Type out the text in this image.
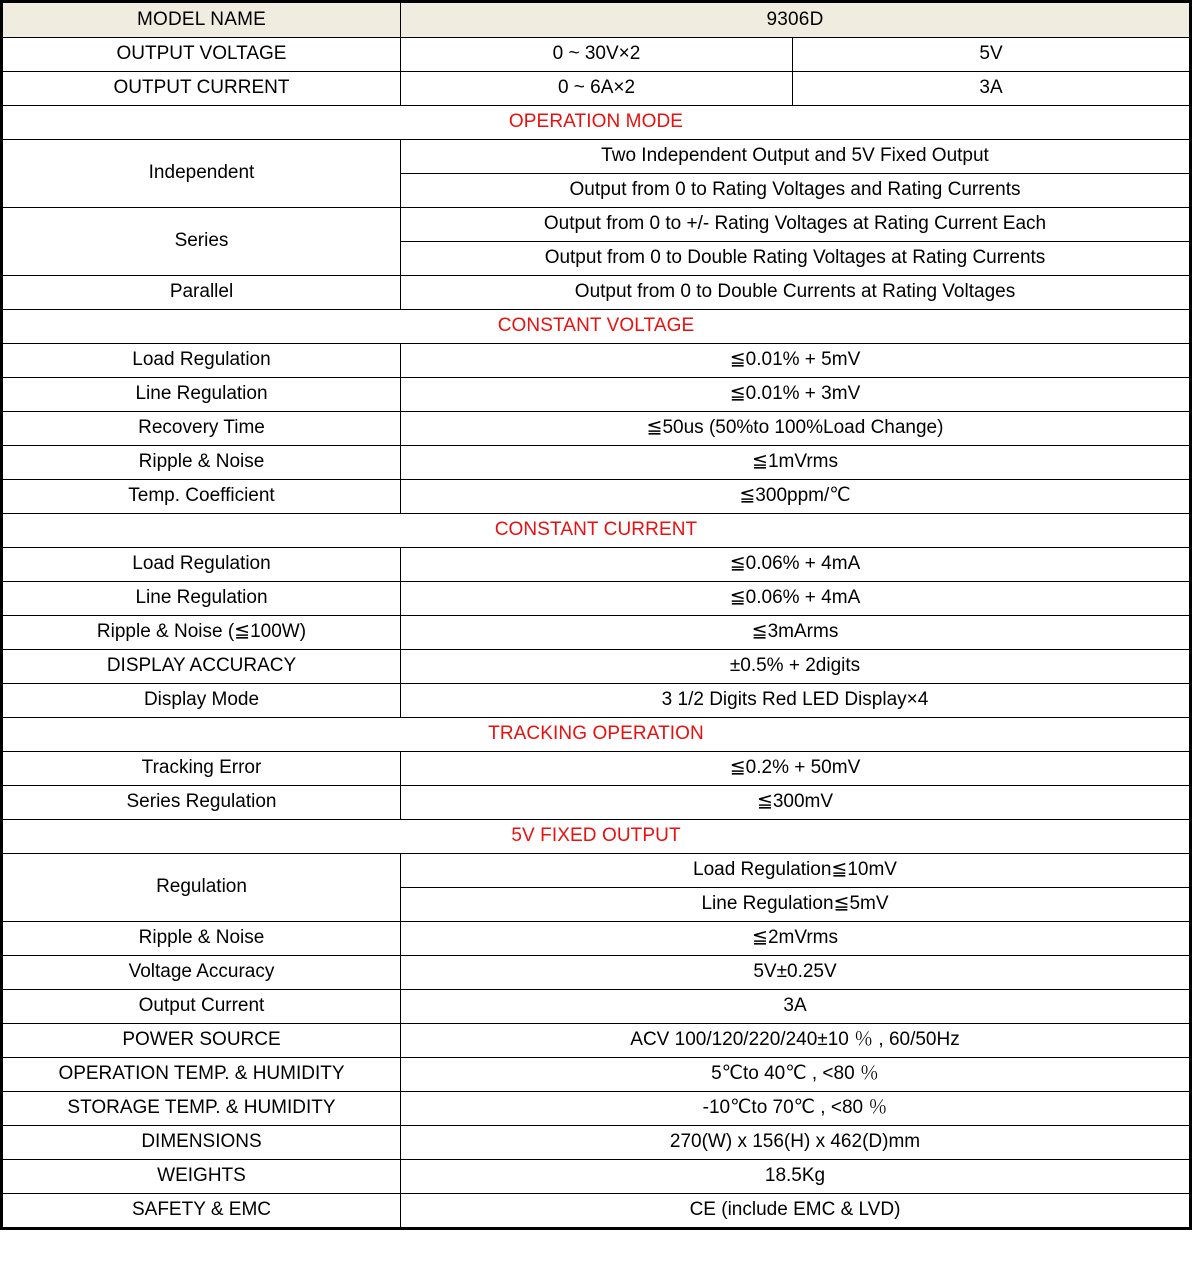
MODEL NAME	9306D	
OUTPUT VOLTAGE	0 ~ 30V×2	5V
OUTPUT CURRENT	0 ~ 6A×2	3A
OPERATION MODE		
Independent	Two Independent Output and 5V Fixed Output	
	Output from 0 to Rating Voltages and Rating Currents	
Series	Output from 0 to +/- Rating Voltages at Rating Current Each	
	Output from 0 to Double Rating Voltages at Rating Currents	
Parallel	Output from 0 to Double Currents at Rating Voltages	
CONSTANT VOLTAGE		
Load Regulation	≦0.01% + 5mV	
Line Regulation	≦0.01% + 3mV	
Recovery Time	≦50us (50%to 100%Load Change)	
Ripple & Noise	≦1mVrms	
Temp. Coefficient	≦300ppm/℃	
CONSTANT CURRENT		
Load Regulation	≦0.06% + 4mA	
Line Regulation	≦0.06% + 4mA	
Ripple & Noise (≦100W)	≦3mArms	
DISPLAY ACCURACY	±0.5% + 2digits	
Display Mode	3 1/2 Digits Red LED Display×4	
TRACKING OPERATION		
Tracking Error	≦0.2% + 50mV	
Series Regulation	≦300mV	
5V FIXED OUTPUT		
Regulation	Load Regulation≦10mV	
	Line Regulation≦5mV	
Ripple & Noise	≦2mVrms	
Voltage Accuracy	5V±0.25V	
Output Current	3A	
POWER SOURCE	ACV 100/120/220/240±10 ％ , 60/50Hz	
OPERATION TEMP. & HUMIDITY	5℃to 40℃ , <80 ％	
STORAGE TEMP. & HUMIDITY	-10℃to 70℃ , <80 ％	
DIMENSIONS	270(W) x 156(H) x 462(D)mm	
WEIGHTS	18.5Kg	
SAFETY & EMC	CE (include EMC & LVD)	
